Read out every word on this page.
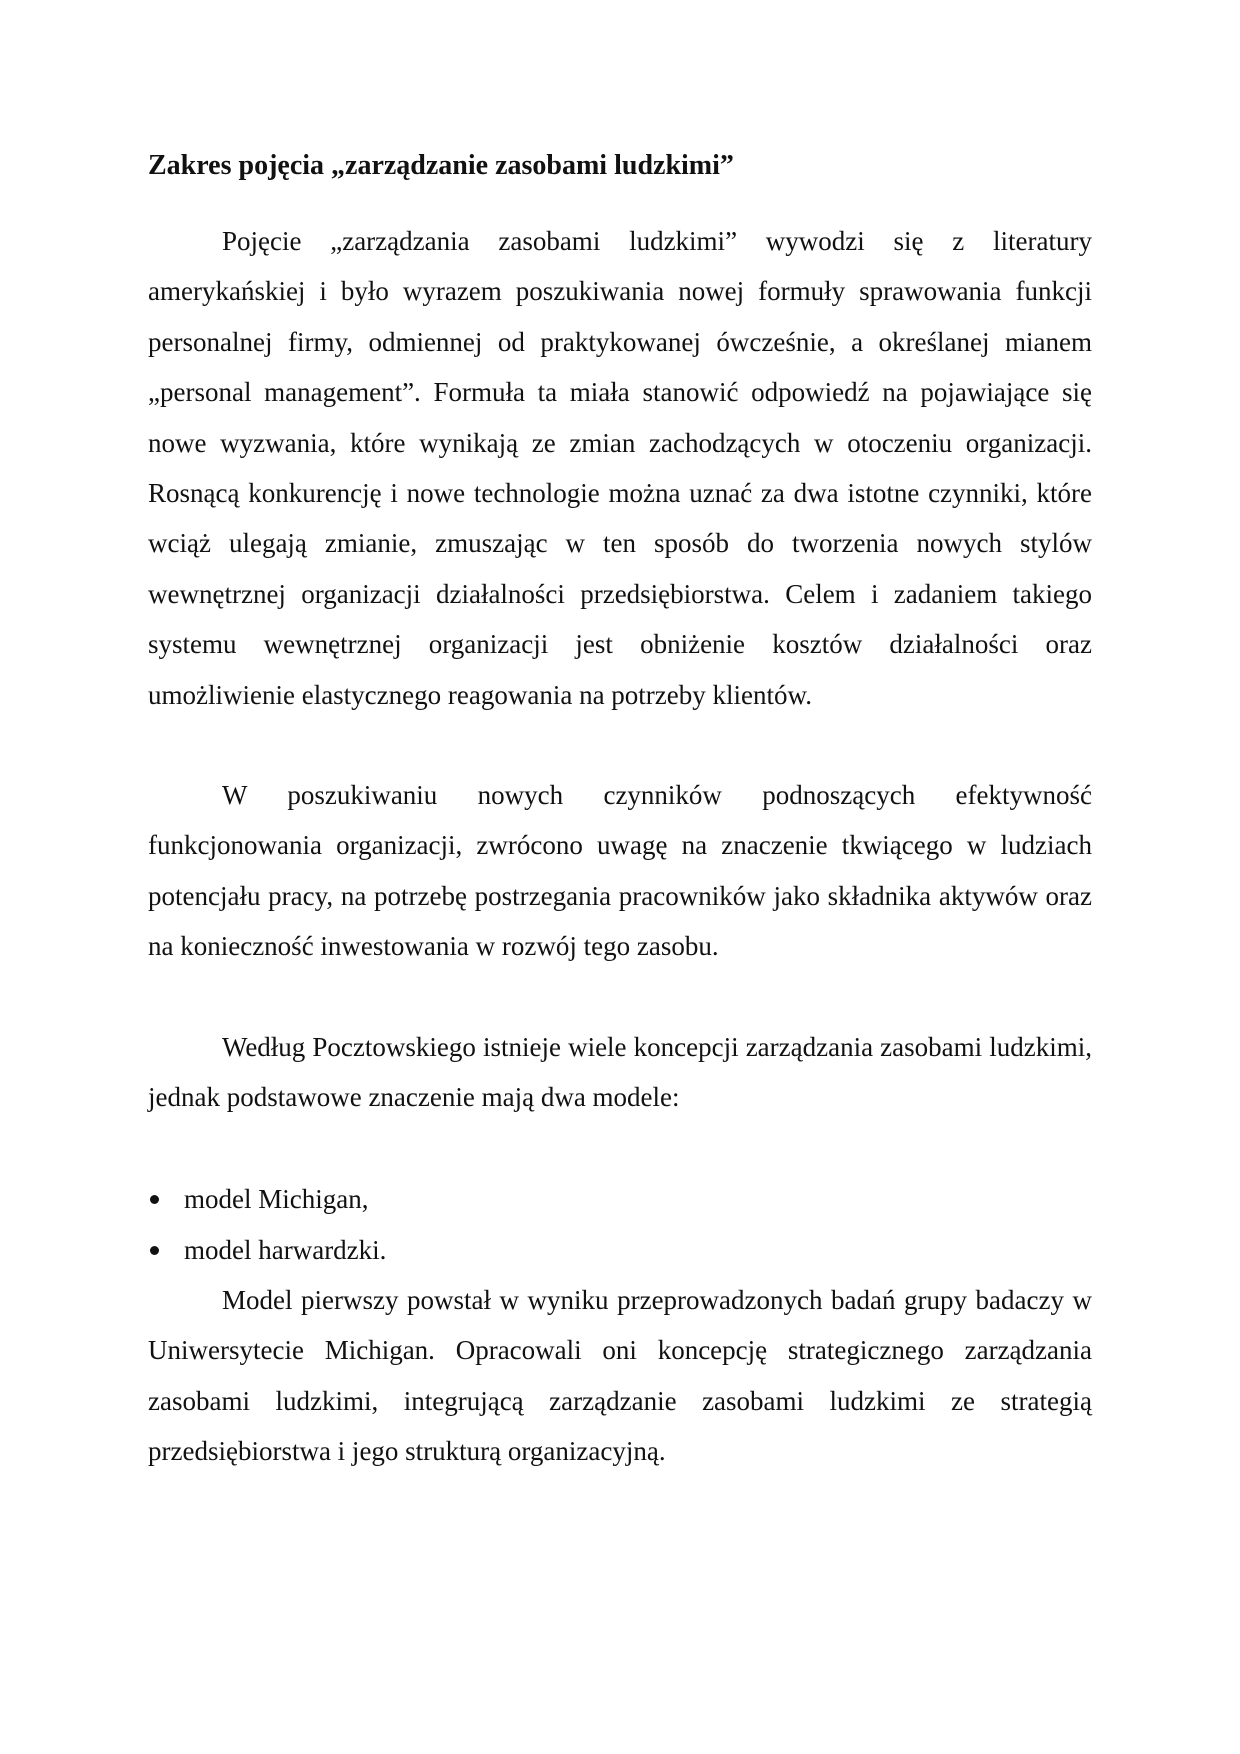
Zakres pojęcia „zarządzanie zasobami ludzkimi”

Pojęcie „zarządzania zasobami ludzkimi” wywodzi się z literatury amerykańskiej i było wyrazem poszukiwania nowej formuły sprawowania funkcji personalnej firmy, odmiennej od praktykowanej ówcześnie, a określanej mianem „personal management”. Formuła ta miała stanowić odpowiedź na pojawiające się nowe wyzwania, które wynikają ze zmian zachodzących w otoczeniu organizacji. Rosnącą konkurencję i nowe technologie można uznać za dwa istotne czynniki, które wciąż ulegają zmianie, zmuszając w ten sposób do tworzenia nowych stylów wewnętrznej organizacji działalności przedsiębiorstwa. Celem i zadaniem takiego systemu wewnętrznej organizacji jest obniżenie kosztów działalności oraz umożliwienie elastycznego reagowania na potrzeby klientów.

W poszukiwaniu nowych czynników podnoszących efektywność funkcjonowania organizacji, zwrócono uwagę na znaczenie tkwiącego w ludziach potencjału pracy, na potrzebę postrzegania pracowników jako składnika aktywów oraz na konieczność inwestowania w rozwój tego zasobu.

Według Pocztowskiego istnieje wiele koncepcji zarządzania zasobami ludzkimi, jednak podstawowe znaczenie mają dwa modele:

model Michigan,
model harwardzki.

Model pierwszy powstał w wyniku przeprowadzonych badań grupy badaczy w Uniwersytecie Michigan. Opracowali oni koncepcję strategicznego zarządzania zasobami ludzkimi, integrującą zarządzanie zasobami ludzkimi ze strategią przedsiębiorstwa i jego strukturą organizacyjną.
